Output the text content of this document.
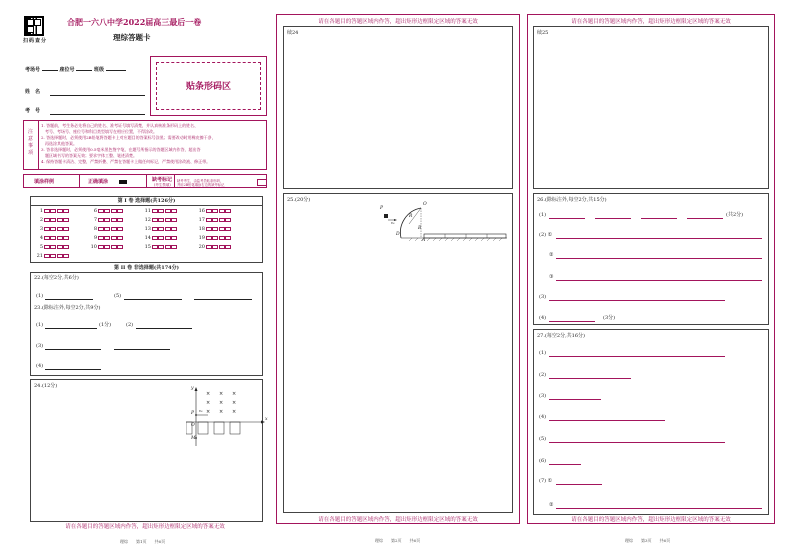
扫码查分
合肥一六八中学2022届高三最后一卷
理综答题卡
考场号	座位号	班级
姓　名
考　号
贴条形码区
注意事项
1. 答题前，考生务必先将自己的姓名、准考证号填写清楚，并认真核准条形码上的姓名、
考号、考场号、座位号和科目类型填写在相应位置，不得涂改。
2. 答选择题时，必须使用2B铅笔将答题卡上对应题目的答案标号涂黑；需要改动时用橡皮擦干净，
再选涂其他答案。
3. 答非选择题时，必须使用0.5毫米黑色签字笔，在题号所指示的答题区域内作答，超出答
题区域书写的答案无效；要求字体工整、笔迹清楚。
4. 保持答题卡清洁、完整，严禁折叠、严禁在答题卡上做任何标记，严禁使用涂改液、修正带。
填涂样例	正确填涂	缺考标记
(考生禁填)
缺考考生，由监考员贴条形码，
并用2B铅笔填涂右边的缺考标记
第 I 卷 选择题(共126分)
1	6	11	16
2	7	12	17
3	8	13	18
4	9	14	19
5	10	15	20
21
第 II 卷 非选择题(共174分)
22.(每空2分,共6分)
(1)	(5)
23.(除标注外,每空2分,共9分)
(1)	(1分)	(2)
(3)
(4)
24.(12分)
× × ×
× × ×
× × ×
y
x
O
P v₀
M
请在各题目的答题区域内作答，超出矩形边框限定区域的答案无效
理综　　第1页　　共6页
请在各题目的答题区域内作答，超出矩形边框限定区域的答案无效
续24
25.(20分)
P
v₀
O
R
B
D
A
请在各题目的答题区域内作答，超出矩形边框限定区域的答案无效
理综　　第2页　　共6页
请在各题目的答题区域内作答，超出矩形边框限定区域的答案无效
续25
26.(除标注外,每空2分,共15分)
(1)	(共2分)
(2) ①
②
③
(3)
(4)	(3分)
27.(每空2分,共16分)
(1)
(2)
(3)
(4)
(5)
(6)
(7) ①
②
请在各题目的答题区域内作答，超出矩形边框限定区域的答案无效
理综　　第3页　　共6页
